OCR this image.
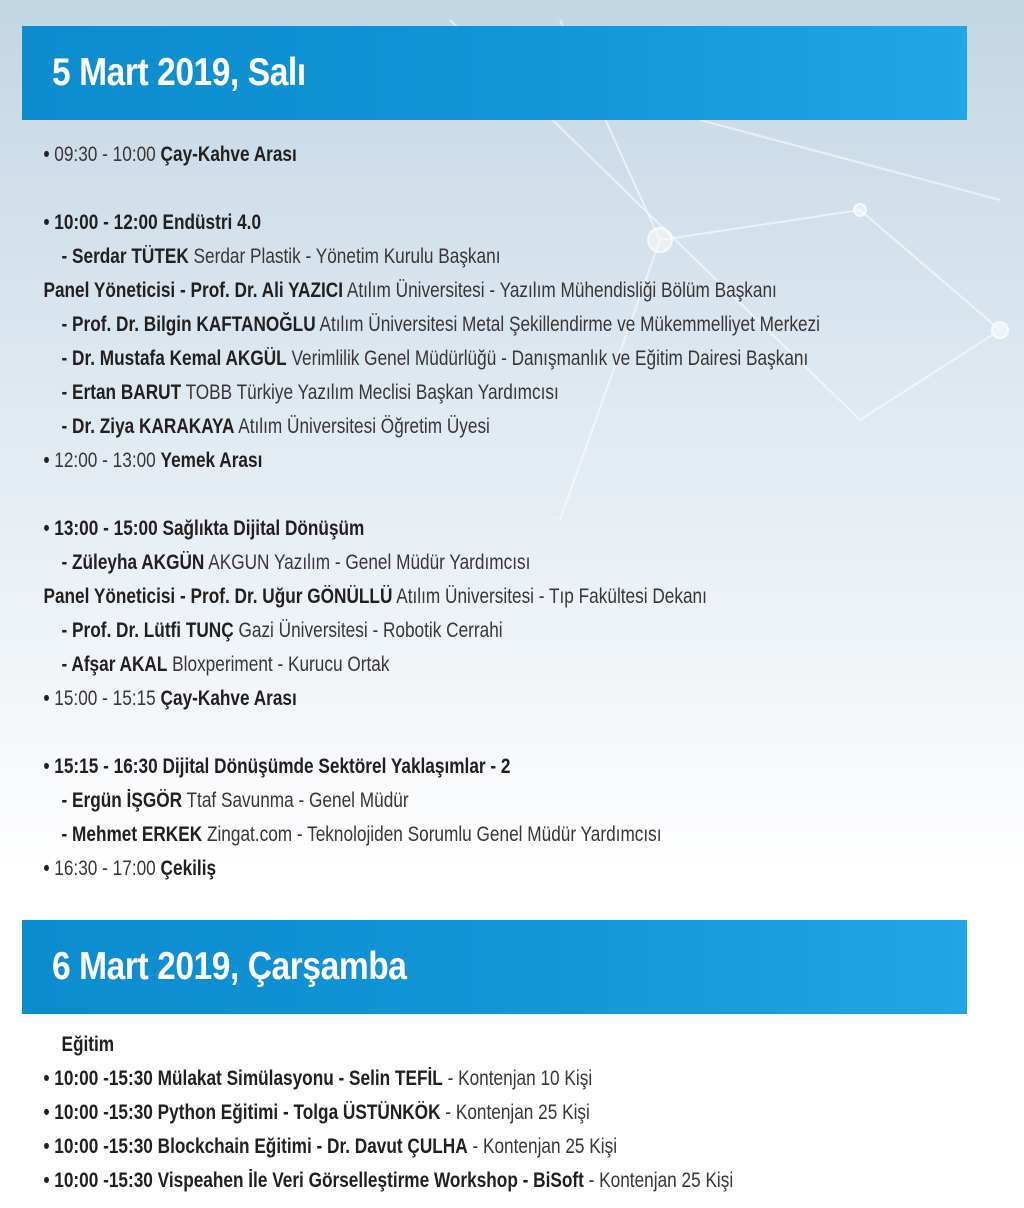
5 Mart 2019, Salı
• 09:30 - 10:00 Çay-Kahve Arası
• 10:00 - 12:00 Endüstri 4.0
- Serdar TÜTEK Serdar Plastik - Yönetim Kurulu Başkanı
Panel Yöneticisi - Prof. Dr. Ali YAZICI Atılım Üniversitesi - Yazılım Mühendisliği Bölüm Başkanı
- Prof. Dr. Bilgin KAFTANOĞLU Atılım Üniversitesi Metal Şekillendirme ve Mükemmelliyet Merkezi
- Dr. Mustafa Kemal AKGÜL Verimlilik Genel Müdürlüğü - Danışmanlık ve Eğitim Dairesi Başkanı
- Ertan BARUT TOBB Türkiye Yazılım Meclisi Başkan Yardımcısı
- Dr. Ziya KARAKAYA Atılım Üniversitesi Öğretim Üyesi
• 12:00 - 13:00 Yemek Arası
• 13:00 - 15:00 Sağlıkta Dijital Dönüşüm
- Züleyha AKGÜN AKGUN Yazılım - Genel Müdür Yardımcısı
Panel Yöneticisi - Prof. Dr. Uğur GÖNÜLLÜ Atılım Üniversitesi - Tıp Fakültesi Dekanı
- Prof. Dr. Lütfi TUNÇ Gazi Üniversitesi - Robotik Cerrahi
- Afşar AKAL Bloxperiment - Kurucu Ortak
• 15:00 - 15:15 Çay-Kahve Arası
• 15:15 - 16:30 Dijital Dönüşümde Sektörel Yaklaşımlar - 2
- Ergün İŞGÖR Ttaf Savunma - Genel Müdür
- Mehmet ERKEK Zingat.com - Teknolojiden Sorumlu Genel Müdür Yardımcısı
• 16:30 - 17:00 Çekiliş
6 Mart 2019, Çarşamba
Eğitim
• 10:00 -15:30 Mülakat Simülasyonu - Selin TEFİL - Kontenjan 10 Kişi
• 10:00 -15:30 Python Eğitimi - Tolga ÜSTÜNKÖK - Kontenjan 25 Kişi
• 10:00 -15:30 Blockchain Eğitimi - Dr. Davut ÇULHA - Kontenjan 25 Kişi
• 10:00 -15:30 Vispeahen İle Veri Görselleştirme Workshop - BiSoft - Kontenjan 25 Kişi
